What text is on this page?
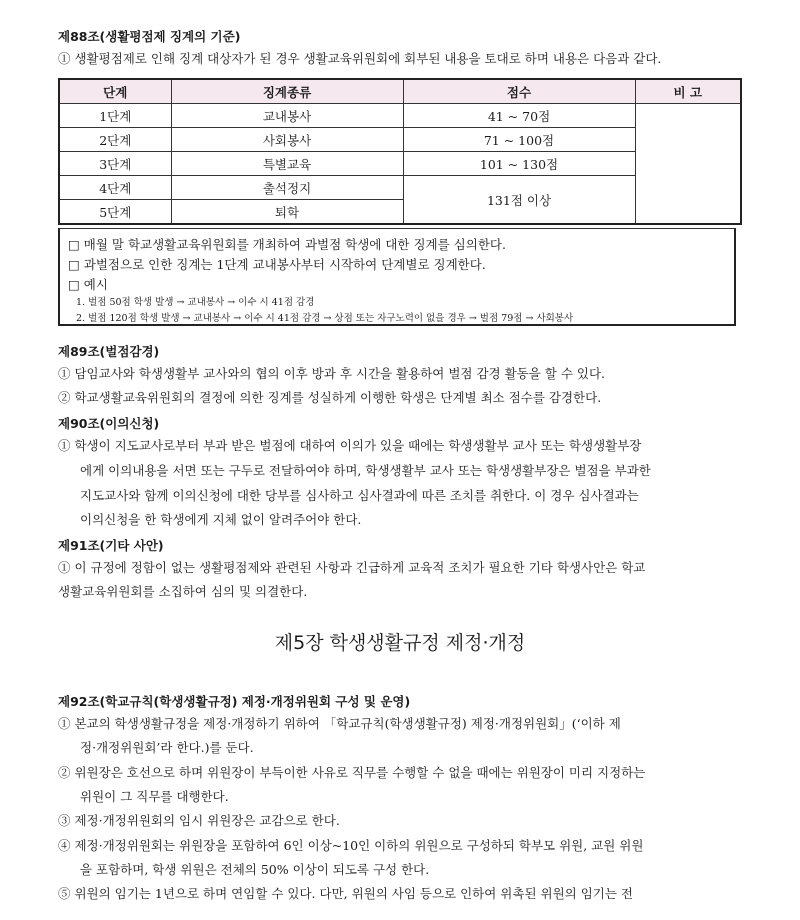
제88조(생활평점제 징계의 기준)
① 생활평점제로 인해 징계 대상자가 된 경우 생활교육위원회에 회부된 내용을 토대로 하며 내용은 다음과 같다.
단계	징계종류	점수	비 고
1단계	교내봉사	41 ~ 70점	
2단계	사회봉사	71 ~ 100점	
3단계	특별교육	101 ~ 130점	
4단계	출석정지	131점 이상	
5단계	퇴학		
□ 매월 말 학교생활교육위원회를 개최하여 과벌점 학생에 대한 징계를 심의한다.
□ 과벌점으로 인한 징계는 1단계 교내봉사부터 시작하여 단계별로 징계한다.
□ 예시
1. 벌점 50점 학생 발생 → 교내봉사 → 이수 시 41점 감경
2. 벌점 120점 학생 발생 → 교내봉사 → 이수 시 41점 감경 → 상점 또는 자구노력이 없을 경우 → 벌점 79점 → 사회봉사
제89조(벌점감경)
① 담임교사와 학생생활부 교사와의 협의 이후 방과 후 시간을 활용하여 벌점 감경 활동을 할 수 있다.
② 학교생활교육위원회의 결정에 의한 징계를 성실하게 이행한 학생은 단계별 최소 점수를 감경한다.
제90조(이의신청)
① 학생이 지도교사로부터 부과 받은 벌점에 대하여 이의가 있을 때에는 학생생활부 교사 또는 학생생활부장
에게 이의내용을 서면 또는 구두로 전달하여야 하며, 학생생활부 교사 또는 학생생활부장은 벌점을 부과한
지도교사와 함께 이의신청에 대한 당부를 심사하고 심사결과에 따른 조치를 취한다. 이 경우 심사결과는
이의신청을 한 학생에게 지체 없이 알려주어야 한다.
제91조(기타 사안)
① 이 규정에 정함이 없는 생활평점제와 관련된 사항과 긴급하게 교육적 조치가 필요한 기타 학생사안은 학교
생활교육위원회를 소집하여 심의 및 의결한다.
제5장 학생생활규정 제정·개정
제92조(학교규칙(학생생활규정) 제정·개정위원회 구성 및 운영)
① 본교의 학생생활규정을 제정·개정하기 위하여 「학교규칙(학생생활규정) 제정·개정위원회」(‘이하 제
정·개정위원회’라 한다.)를 둔다.
② 위원장은 호선으로 하며 위원장이 부득이한 사유로 직무를 수행할 수 없을 때에는 위원장이 미리 지정하는
위원이 그 직무를 대행한다.
③ 제정·개정위원회의 임시 위원장은 교감으로 한다.
④ 제정·개정위원회는 위원장을 포함하여 6인 이상~10인 이하의 위원으로 구성하되 학부모 위원, 교원 위원
을 포함하며, 학생 위원은 전체의 50% 이상이 되도록 구성 한다.
⑤ 위원의 임기는 1년으로 하며 연임할 수 있다. 다만, 위원의 사임 등으로 인하여 위촉된 위원의 임기는 전
